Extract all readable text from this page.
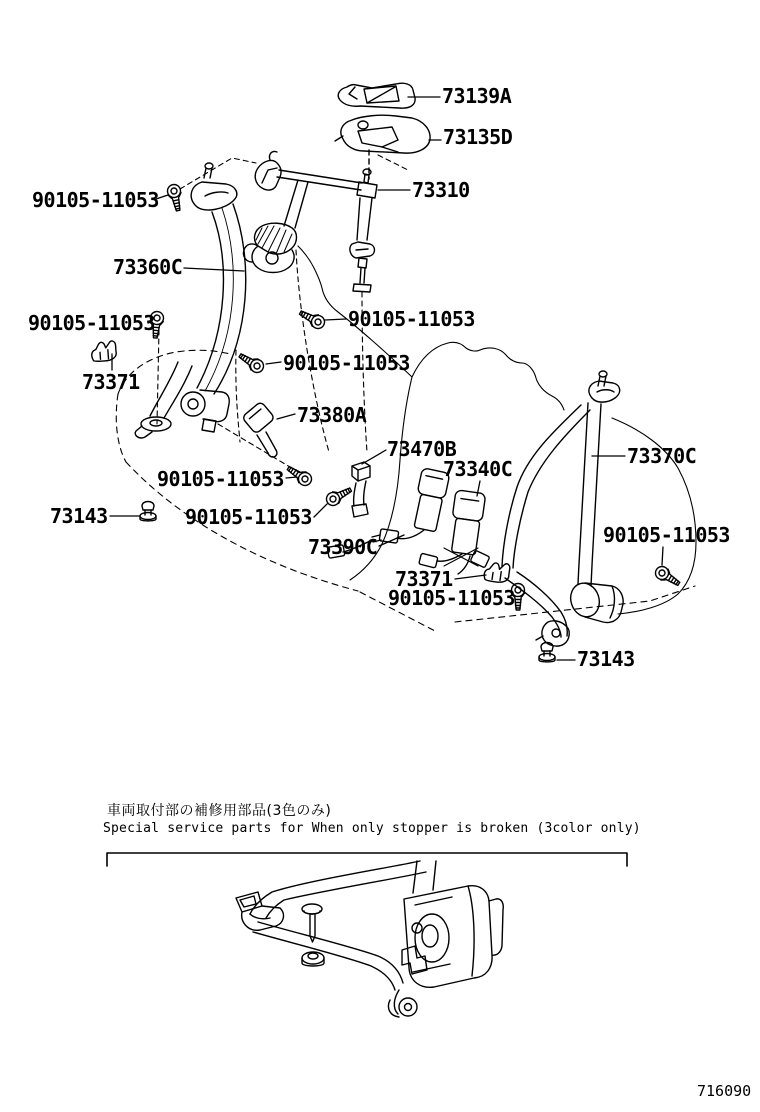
73139A
73135D
73310
90105-11053
73360C
90105-11053
73371
90105-11053
90105-11053
73380A
73470B
73340C
73370C
90105-11053
73143
90105-11053
90105-11053
73390C
73371
90105-11053
73143
車両取付部の補修用部品(3色のみ)
Special service parts for When only stopper is broken (3color only)
716090
